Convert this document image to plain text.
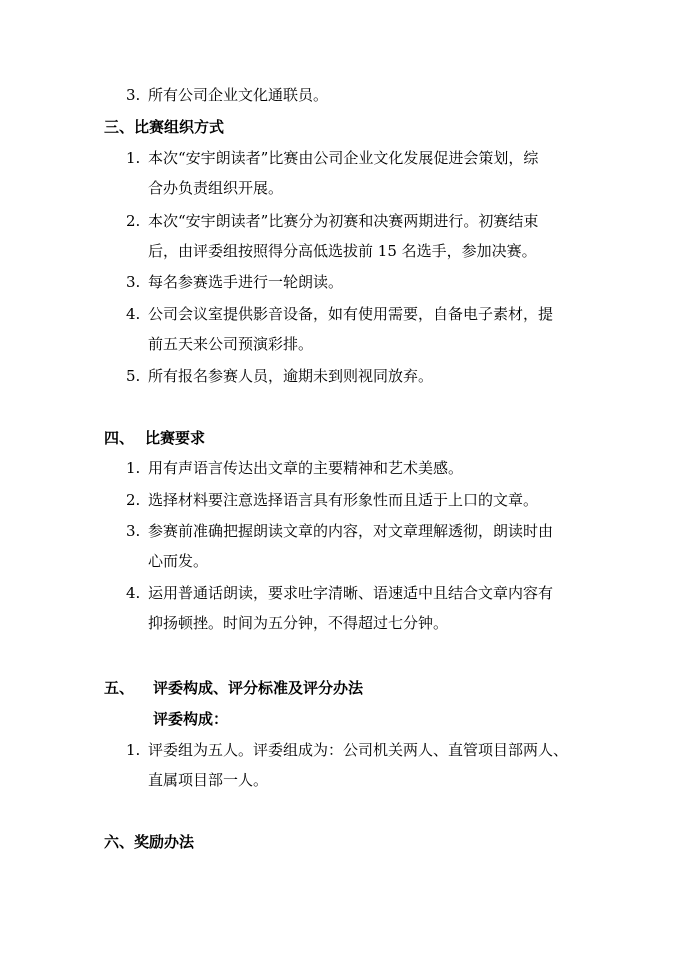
3. 所有公司企业文化通联员。
三、比赛组织方式
1. 本次“安宇朗读者”比赛由公司企业文化发展促进会策划，综
合办负责组织开展。
2. 本次“安宇朗读者”比赛分为初赛和决赛两期进行。初赛结束
后，由评委组按照得分高低选拔前 15 名选手，参加决赛。
3. 每名参赛选手进行一轮朗读。
4. 公司会议室提供影音设备，如有使用需要，自备电子素材，提
前五天来公司预演彩排。
5. 所有报名参赛人员，逾期未到则视同放弃。
四、 比赛要求
1. 用有声语言传达出文章的主要精神和艺术美感。
2. 选择材料要注意选择语言具有形象性而且适于上口的文章。
3. 参赛前准确把握朗读文章的内容，对文章理解透彻，朗读时由
心而发。
4. 运用普通话朗读，要求吐字清晰、语速适中且结合文章内容有
抑扬顿挫。时间为五分钟，不得超过七分钟。
五、 评委构成、评分标准及评分办法
评委构成：
1. 评委组为五人。评委组成为：公司机关两人、直管项目部两人、
直属项目部一人。
六、奖励办法
